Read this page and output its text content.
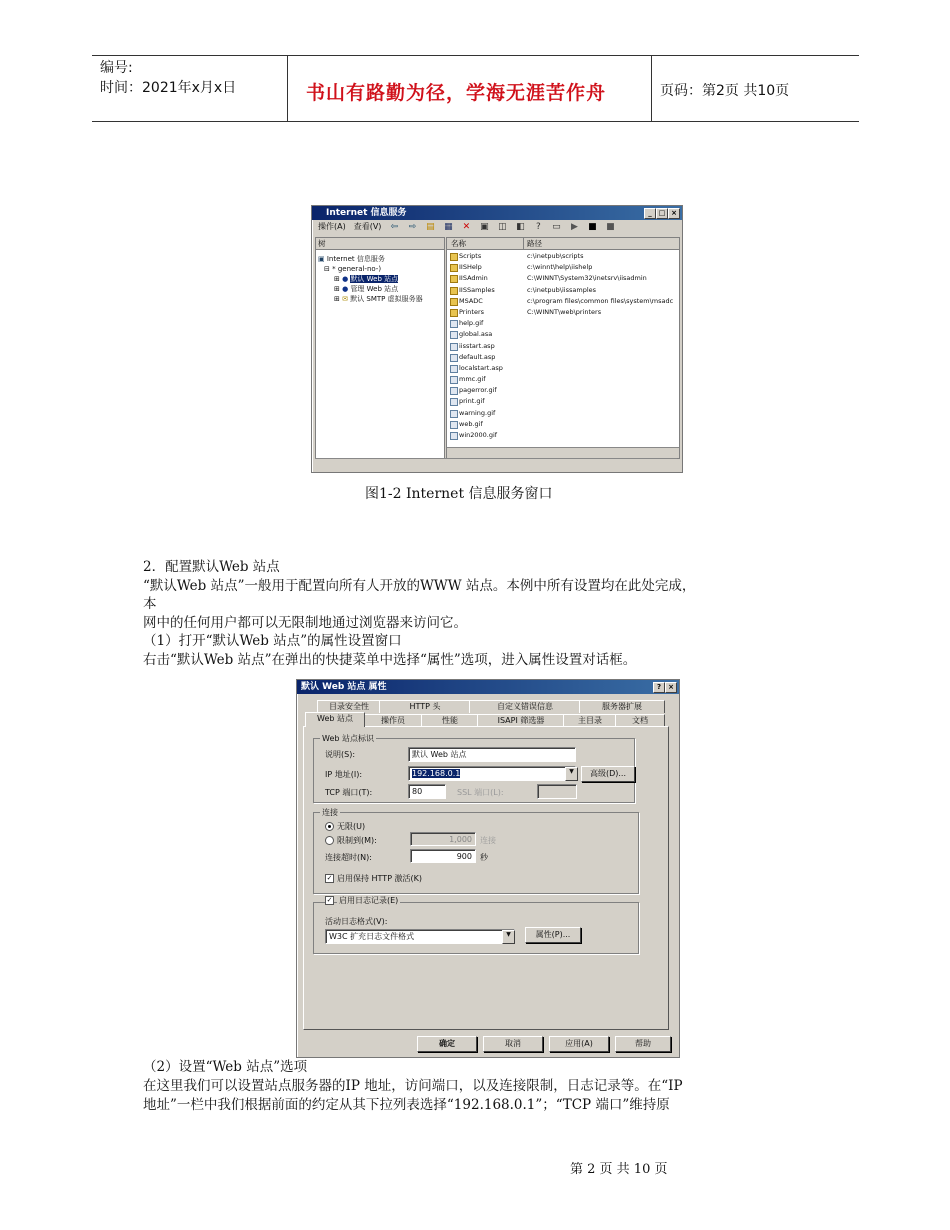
编号:
时间：2021年x月x日	书山有路勤为径，学海无涯苦作舟	页码：第2页 共10页
Internet 信息服务	_ □ ×
操作(A) 查看(V) ⇦ ⇨ ▤ ▦ ✕ ▣ ◫ ◧ ? ▭ ▶ ■ ■
树
▣ Internet 信息服务
⊟ * general-no-)
⊞ ● 默认 Web 站点
⊞ ● 管理 Web 站点
⊞ ✉ 默认 SMTP 虚拟服务器
名称	路径
Scripts	c:\inetpub\scripts
IISHelp	c:\winnt\help\iishelp
IISAdmin	C:\WINNT\System32\inetsrv\iisadmin
IISSamples	c:\inetpub\iissamples
MSADC	c:\program files\common files\system\msadc
Printers	C:\WINNT\web\printers
help.gif
global.asa
iisstart.asp
default.asp
localstart.asp
mmc.gif
pagerror.gif
print.gif
warning.gif
web.gif
win2000.gif
图1-2 Internet 信息服务窗口
2．配置默认Web 站点
“默认Web 站点”一般用于配置向所有人开放的WWW 站点。本例中所有设置均在此处完成，
本
网中的任何用户都可以无限制地通过浏览器来访问它。
（1）打开“默认Web 站点”的属性设置窗口
右击“默认Web 站点”在弹出的快捷菜单中选择“属性”选项，进入属性设置对话框。
默认 Web 站点 属性	?	×
目录安全性	HTTP 头	自定义错误信息	服务器扩展
Web 站点	操作员	性能	ISAPI 筛选器	主目录	文档
Web 站点标识
说明(S):	默认 Web 站点
IP 地址(I):	192.168.0.1	▼	高级(D)...
TCP 端口(T):	80	SSL 端口(L):
连接
无限(U)
限制到(M):	1,000	连接
连接超时(N):	900	秒
✓ 启用保持 HTTP 激活(K)
✓ 启用日志记录(E)
活动日志格式(V):
W3C 扩充日志文件格式	▼	属性(P)...
确定	取消	应用(A)	帮助
（2）设置“Web 站点”选项
在这里我们可以设置站点服务器的IP 地址，访问端口，以及连接限制，日志记录等。在“IP
地址”一栏中我们根据前面的约定从其下拉列表选择“192.168.0.1”；“TCP 端口”维持原
第 2 页 共 10 页
